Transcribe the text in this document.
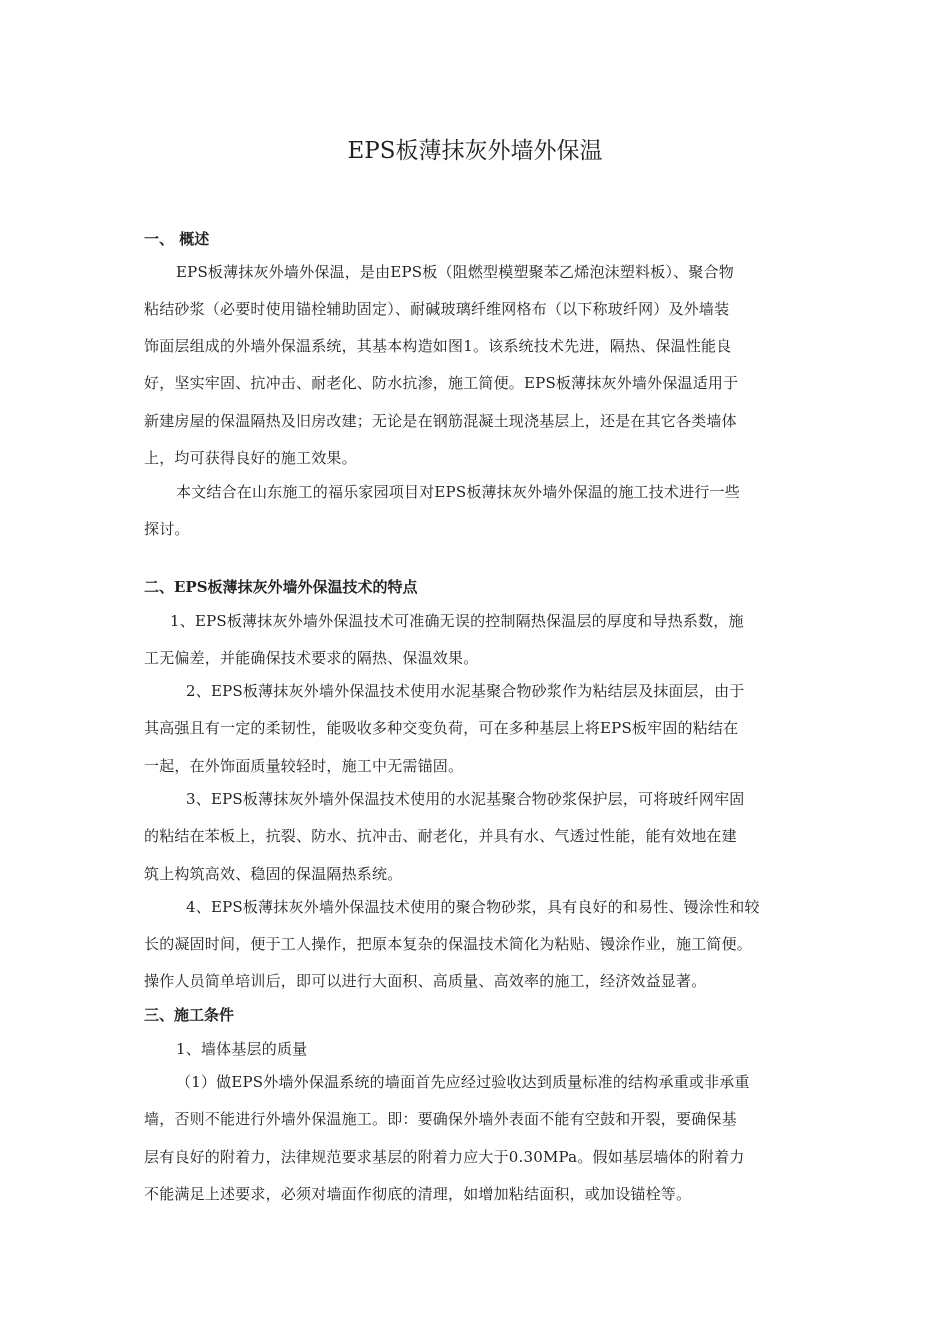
EPS板薄抹灰外墙外保温
一、 概述
EPS板薄抹灰外墙外保温，是由EPS板（阻燃型模塑聚苯乙烯泡沫塑料板）、聚合物
粘结砂浆（必要时使用锚栓辅助固定）、耐碱玻璃纤维网格布（以下称玻纤网）及外墙装
饰面层组成的外墙外保温系统，其基本构造如图1。该系统技术先进，隔热、保温性能良
好，坚实牢固、抗冲击、耐老化、防水抗渗，施工简便。EPS板薄抹灰外墙外保温适用于
新建房屋的保温隔热及旧房改建；无论是在钢筋混凝土现浇基层上，还是在其它各类墙体
上，均可获得良好的施工效果。
本文结合在山东施工的福乐家园项目对EPS板薄抹灰外墙外保温的施工技术进行一些
探讨。
二、EPS板薄抹灰外墙外保温技术的特点
1、EPS板薄抹灰外墙外保温技术可准确无误的控制隔热保温层的厚度和导热系数，施
工无偏差，并能确保技术要求的隔热、保温效果。
2、EPS板薄抹灰外墙外保温技术使用水泥基聚合物砂浆作为粘结层及抹面层，由于
其高强且有一定的柔韧性，能吸收多种交变负荷，可在多种基层上将EPS板牢固的粘结在
一起，在外饰面质量较轻时，施工中无需锚固。
3、EPS板薄抹灰外墙外保温技术使用的水泥基聚合物砂浆保护层，可将玻纤网牢固
的粘结在苯板上，抗裂、防水、抗冲击、耐老化，并具有水、气透过性能，能有效地在建
筑上构筑高效、稳固的保温隔热系统。
4、EPS板薄抹灰外墙外保温技术使用的聚合物砂浆，具有良好的和易性、镘涂性和较
长的凝固时间，便于工人操作，把原本复杂的保温技术简化为粘贴、镘涂作业，施工简便。
操作人员简单培训后，即可以进行大面积、高质量、高效率的施工，经济效益显著。
三、施工条件
1、墙体基层的质量
（1）做EPS外墙外保温系统的墙面首先应经过验收达到质量标准的结构承重或非承重
墙，否则不能进行外墙外保温施工。即：要确保外墙外表面不能有空鼓和开裂，要确保基
层有良好的附着力，法律规范要求基层的附着力应大于0.30MPa。假如基层墙体的附着力
不能满足上述要求，必须对墙面作彻底的清理，如增加粘结面积，或加设锚栓等。
